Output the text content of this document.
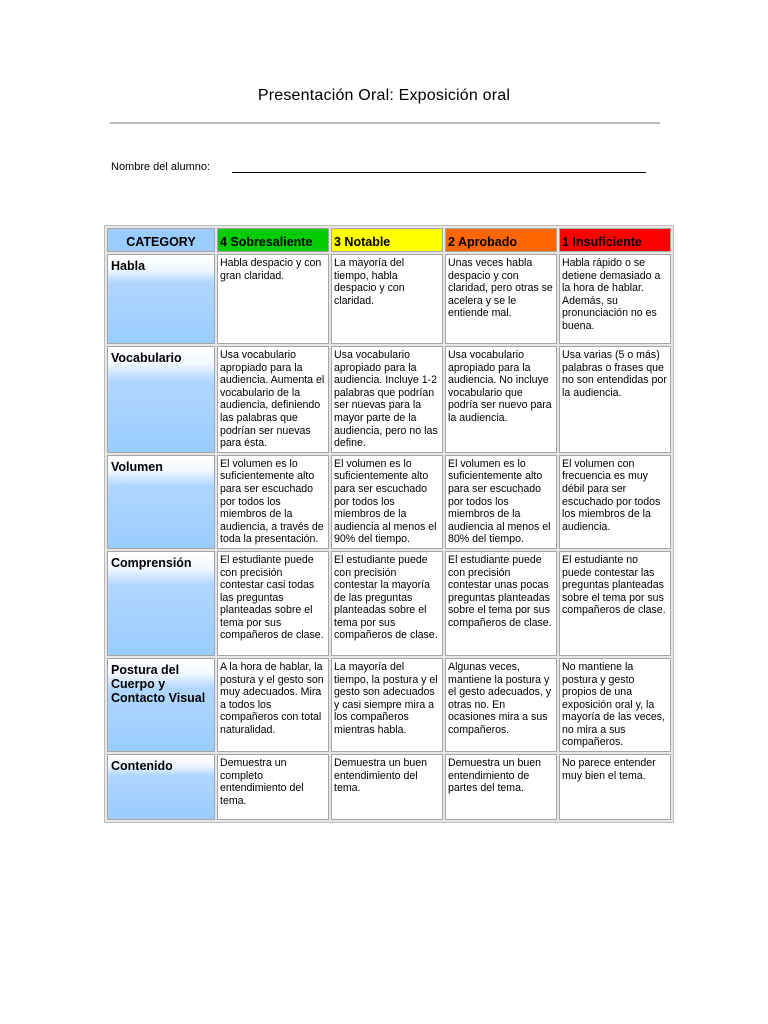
Presentación Oral: Exposición oral
Nombre del alumno:
CATEGORY	4 Sobresaliente	3 Notable	2 Aprobado	1 Insuficiente
Habla	Habla despacio y con gran claridad.	La mayoría del tiempo, habla despacio y con claridad.	Unas veces habla despacio y con claridad, pero otras se acelera y se le entiende mal.	Habla rápido o se detiene demasiado a la hora de hablar. Además, su pronunciación no es buena.
Vocabulario	Usa vocabulario apropiado para la audiencia. Aumenta el vocabulario de la audiencia, definiendo las palabras que podrían ser nuevas para ésta.	Usa vocabulario apropiado para la audiencia. Incluye 1-2 palabras que podrían ser nuevas para la mayor parte de la audiencia, pero no las define.	Usa vocabulario apropiado para la audiencia. No incluye vocabulario que podría ser nuevo para la audiencia.	Usa varias (5 o más) palabras o frases que no son entendidas por la audiencia.
Volumen	El volumen es lo suficientemente alto para ser escuchado por todos los miembros de la audiencia, a través de toda la presentación.	El volumen es lo suficientemente alto para ser escuchado por todos los miembros de la audiencia al menos el 90% del tiempo.	El volumen es lo suficientemente alto para ser escuchado por todos los miembros de la audiencia al menos el 80% del tiempo.	El volumen con frecuencia es muy débil para ser escuchado por todos los miembros de la audiencia.
Comprensión	El estudiante puede con precisión contestar casi todas las preguntas planteadas sobre el tema por sus compañeros de clase.	El estudiante puede con precisión contestar la mayoría de las preguntas planteadas sobre el tema por sus compañeros de clase.	El estudiante puede con precisión contestar unas pocas preguntas planteadas sobre el tema por sus compañeros de clase.	El estudiante no puede contestar las preguntas planteadas sobre el tema por sus compañeros de clase.
Postura del Cuerpo y Contacto Visual	A la hora de hablar, la postura y el gesto son muy adecuados. Mira a todos los compañeros con total naturalidad.	La mayoría del tiempo, la postura y el gesto son adecuados y casi siempre mira a los compañeros mientras habla.	Algunas veces, mantiene la postura y el gesto adecuados, y otras no. En ocasiones mira a sus compañeros.	No mantiene la postura y gesto propios de una exposición oral y, la mayoría de las veces, no mira a sus compañeros.
Contenido	Demuestra un completo entendimiento del tema.	Demuestra un buen entendimiento del tema.	Demuestra un buen entendimiento de partes del tema.	No parece entender muy bien el tema.
